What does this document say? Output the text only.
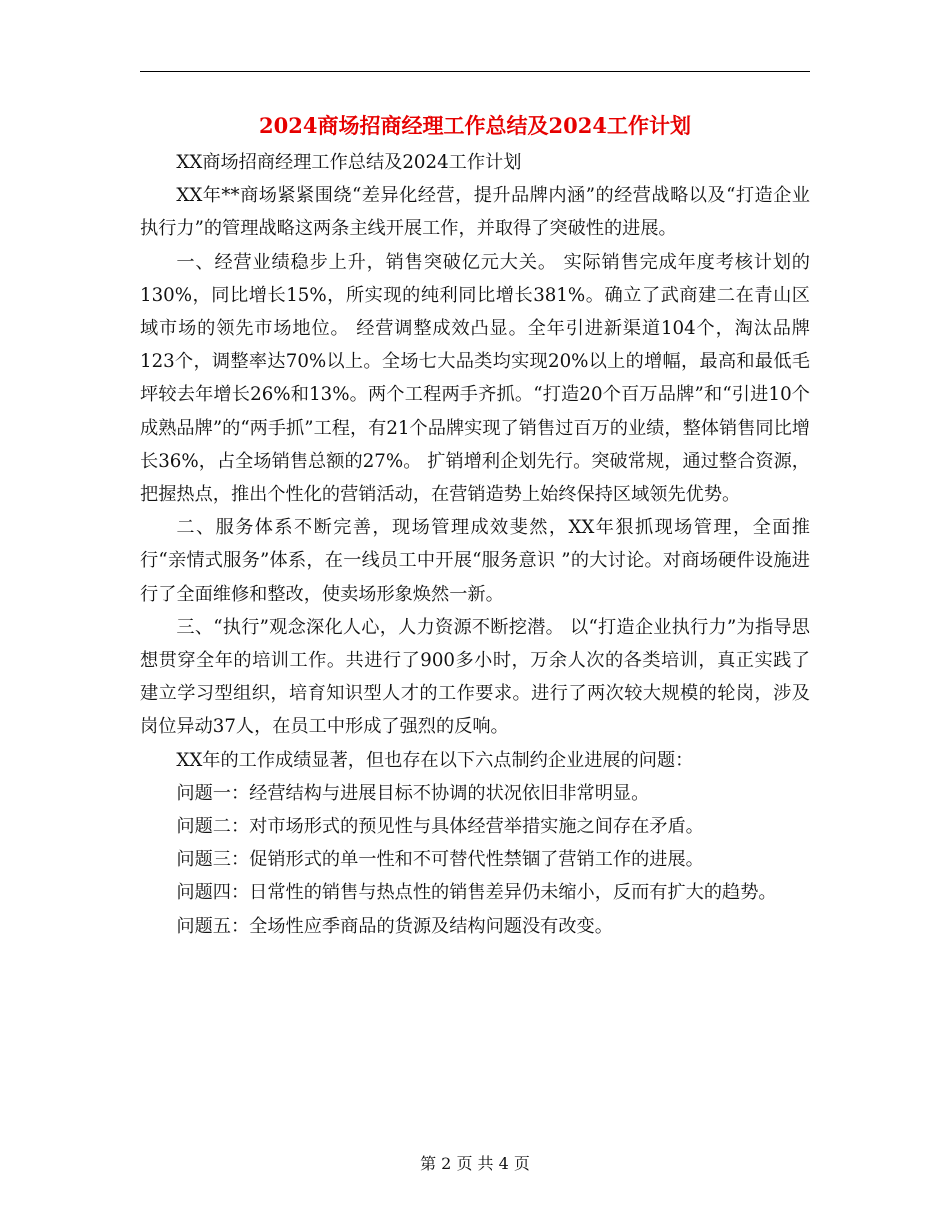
2024商场招商经理工作总结及2024工作计划

XX商场招商经理工作总结及2024工作计划

XX年**商场紧紧围绕“差异化经营，提升品牌内涵”的经营战略以及“打造企业执行力”的管理战略这两条主线开展工作，并取得了突破性的进展。

一、经营业绩稳步上升，销售突破亿元大关。 实际销售完成年度考核计划的130%，同比增长15%，所实现的纯利同比增长381%。确立了武商建二在青山区域市场的领先市场地位。 经营调整成效凸显。全年引进新渠道104个，淘汰品牌123个，调整率达70%以上。全场七大品类均实现20%以上的增幅，最高和最低毛坪较去年增长26%和13%。两个工程两手齐抓。“打造20个百万品牌”和“引进10个成熟品牌”的“两手抓”工程，有21个品牌实现了销售过百万的业绩，整体销售同比增长36%，占全场销售总额的27%。 扩销增利企划先行。突破常规，通过整合资源，把握热点，推出个性化的营销活动，在营销造势上始终保持区域领先优势。

二、服务体系不断完善，现场管理成效斐然，XX年狠抓现场管理，全面推行“亲情式服务”体系，在一线员工中开展“服务意识 ”的大讨论。对商场硬件设施进行了全面维修和整改，使卖场形象焕然一新。

三、“执行”观念深化人心，人力资源不断挖潜。 以“打造企业执行力”为指导思想贯穿全年的培训工作。共进行了900多小时，万余人次的各类培训，真正实践了建立学习型组织，培育知识型人才的工作要求。进行了两次较大规模的轮岗，涉及岗位异动37人，在员工中形成了强烈的反响。

XX年的工作成绩显著，但也存在以下六点制约企业进展的问题：

问题一：经营结构与进展目标不协调的状况依旧非常明显。

问题二：对市场形式的预见性与具体经营举措实施之间存在矛盾。

问题三：促销形式的单一性和不可替代性禁锢了营销工作的进展。

问题四：日常性的销售与热点性的销售差异仍未缩小，反而有扩大的趋势。

问题五：全场性应季商品的货源及结构问题没有改变。

第 2 页 共 4 页
